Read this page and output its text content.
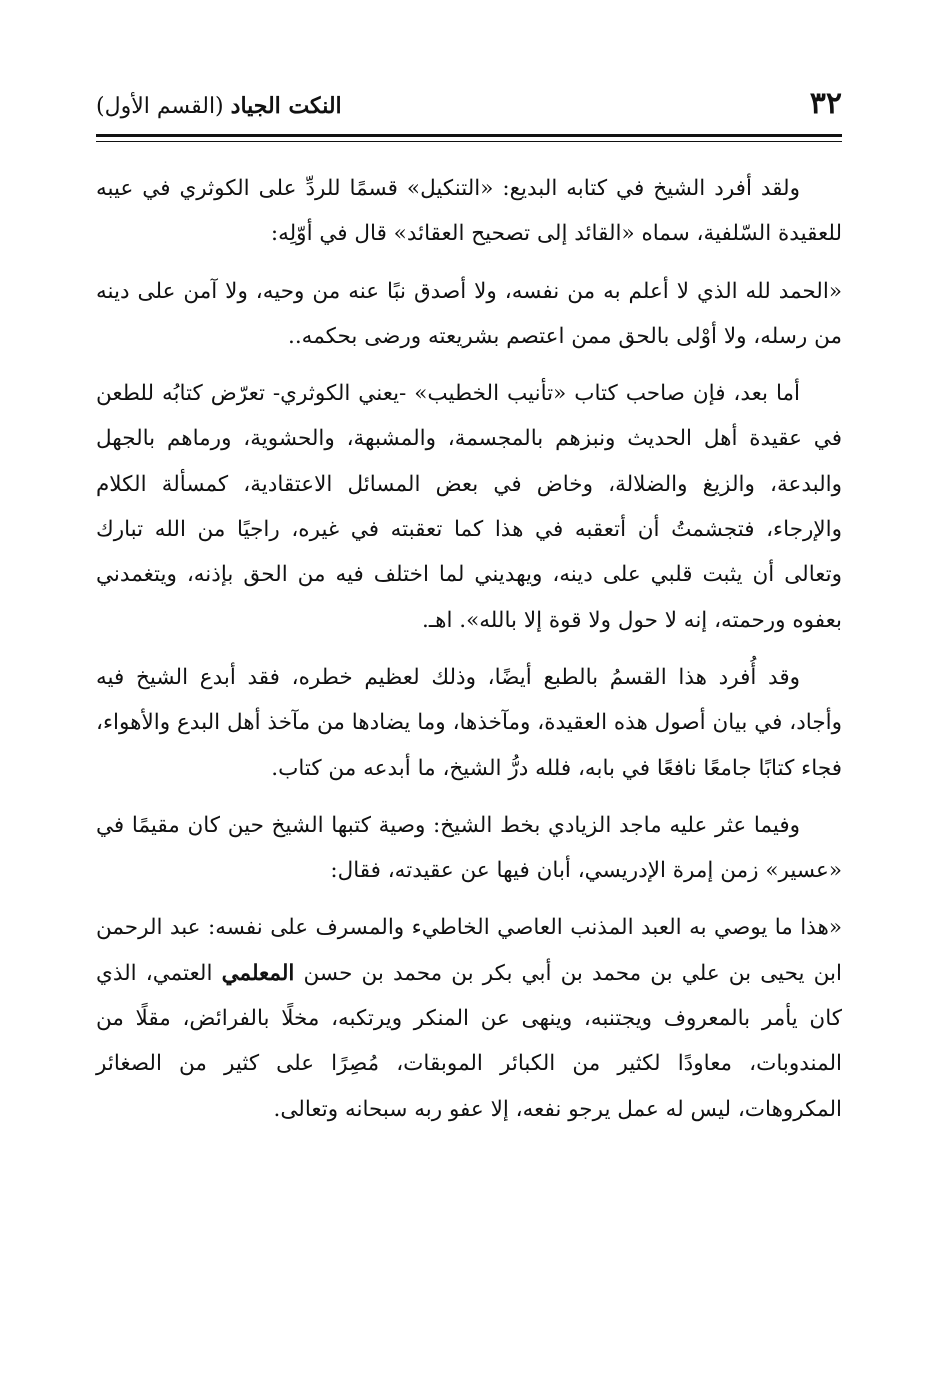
٣٢
النكت الجياد (القسم الأول)

ولقد أفرد الشيخ في كتابه البديع: «التنكيل» قسمًا للردِّ على الكوثري في عيبه للعقيدة السّلفية، سماه «القائد إلى تصحيح العقائد» قال في أوّلِه:

«الحمد لله الذي لا أعلم به من نفسه، ولا أصدق نبًا عنه من وحيه، ولا آمن على دينه من رسله، ولا أوْلى بالحق ممن اعتصم بشريعته ورضى بحكمه..

أما بعد، فإن صاحب كتاب «تأنيب الخطيب» -يعني الكوثري- تعرّض كتابُه للطعن في عقيدة أهل الحديث ونبزهم بالمجسمة، والمشبهة، والحشوية، ورماهم بالجهل والبدعة، والزيغ والضلالة، وخاض في بعض المسائل الاعتقادية، كمسألة الكلام والإرجاء، فتجشمتُ أن أتعقبه في هذا كما تعقبته في غيره، راجيًا من الله تبارك وتعالى أن يثبت قلبي على دينه، ويهديني لما اختلف فيه من الحق بإذنه، ويتغمدني بعفوه ورحمته، إنه لا حول ولا قوة إلا بالله». اهـ.

وقد أُفرد هذا القسمُ بالطبع أيضًا، وذلك لعظيم خطره، فقد أبدع الشيخ فيه وأجاد، في بيان أصول هذه العقيدة، ومآخذها، وما يضادها من مآخذ أهل البدع والأهواء، فجاء كتابًا جامعًا نافعًا في بابه، فلله درُّ الشيخ، ما أبدعه من كتاب.

وفيما عثر عليه ماجد الزيادي بخط الشيخ: وصية كتبها الشيخ حين كان مقيمًا في «عسير» زمن إمرة الإدريسي، أبان فيها عن عقيدته، فقال:

«هذا ما يوصي به العبد المذنب العاصي الخاطيء والمسرف على نفسه: عبد الرحمن ابن يحيى بن علي بن محمد بن أبي بكر بن محمد بن حسن المعلمي العتمي، الذي كان يأمر بالمعروف ويجتنبه، وينهى عن المنكر ويرتكبه، مخلًا بالفرائض، مقلًا من المندوبات، معاودًا لكثير من الكبائر الموبقات، مُصِرًا على كثير من الصغائر المكروهات، ليس له عمل يرجو نفعه، إلا عفو ربه سبحانه وتعالى.
